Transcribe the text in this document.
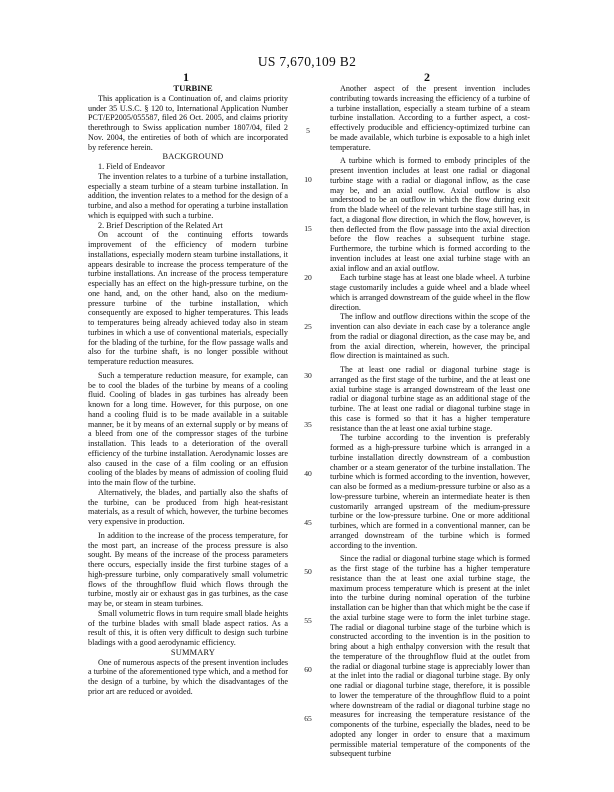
US 7,670,109 B2
1	2

TURBINE

This application is a Continuation of, and claims priority under 35 U.S.C. § 120 to, International Application Number PCT/EP2005/055587, filed 26 Oct. 2005, and claims priority therethrough to Swiss application number 1807/04, filed 2 Nov. 2004, the entireties of both of which are incorporated by reference herein.

BACKGROUND

1. Field of Endeavor

The invention relates to a turbine of a turbine installation, especially a steam turbine of a steam turbine installation. In addition, the invention relates to a method for the design of a turbine, and also a method for operating a turbine installation which is equipped with such a turbine.

2. Brief Description of the Related Art

On account of the continuing efforts towards improvement of the efficiency of modern turbine installations, especially modern steam turbine installations, it appears desirable to increase the process temperature of the turbine installations. An increase of the process temperature especially has an effect on the high-pressure turbine, on the one hand, and, on the other hand, also on the medium-pressure turbine of the turbine installation, which consequently are exposed to higher temperatures. This leads to temperatures being already achieved today also in steam turbines in which a use of conventional materials, especially for the blading of the turbine, for the flow passage walls and also for the turbine shaft, is no longer possible without temperature reduction measures.

Such a temperature reduction measure, for example, can be to cool the blades of the turbine by means of a cooling fluid. Cooling of blades in gas turbines has already been known for a long time. However, for this purpose, on one hand a cooling fluid is to be made available in a suitable manner, be it by means of an external supply or by means of a bleed from one of the compressor stages of the turbine installation. This leads to a deterioration of the overall efficiency of the turbine installation. Aerodynamic losses are also caused in the case of a film cooling or an effusion cooling of the blades by means of admission of cooling fluid into the main flow of the turbine.

Alternatively, the blades, and partially also the shafts of the turbine, can be produced from high heat-resistant materials, as a result of which, however, the turbine becomes very expensive in production.

In addition to the increase of the process temperature, for the most part, an increase of the process pressure is also sought. By means of the increase of the process parameters there occurs, especially inside the first turbine stages of a high-pressure turbine, only comparatively small volumetric flows of the throughflow fluid which flows through the turbine, mostly air or exhaust gas in gas turbines, as the case may be, or steam in steam turbines.

Small volumetric flows in turn require small blade heights of the turbine blades with small blade aspect ratios. As a result of this, it is often very difficult to design such turbine bladings with a good aerodynamic efficiency.

SUMMARY

One of numerous aspects of the present invention includes a turbine of the aforementioned type which, and a method for the design of a turbine, by which the disadvantages of the prior art are reduced or avoided.

5
10
15
20
25
30
35
40
45
50
55
60
65

Another aspect of the present invention includes contributing towards increasing the efficiency of a turbine of a turbine installation, especially a steam turbine of a steam turbine installation. According to a further aspect, a cost-effectively producible and efficiency-optimized turbine can be made available, which turbine is exposable to a high inlet temperature.

A turbine which is formed to embody principles of the present invention includes at least one radial or diagonal turbine stage with a radial or diagonal inflow, as the case may be, and an axial outflow. Axial outflow is also understood to be an outflow in which the flow during exit from the blade wheel of the relevant turbine stage still has, in fact, a diagonal flow direction, in which the flow, however, is then deflected from the flow passage into the axial direction before the flow reaches a subsequent turbine stage. Furthermore, the turbine which is formed according to the invention includes at least one axial turbine stage with an axial inflow and an axial outflow.

Each turbine stage has at least one blade wheel. A turbine stage customarily includes a guide wheel and a blade wheel which is arranged downstream of the guide wheel in the flow direction.

The inflow and outflow directions within the scope of the invention can also deviate in each case by a tolerance angle from the radial or diagonal direction, as the case may be, and from the axial direction, wherein, however, the principal flow direction is maintained as such.

The at least one radial or diagonal turbine stage is arranged as the first stage of the turbine, and the at least one axial turbine stage is arranged downstream of the least one radial or diagonal turbine stage as an additional stage of the turbine. The at least one radial or diagonal turbine stage in this case is formed so that it has a higher temperature resistance than the at least one axial turbine stage.

The turbine according to the invention is preferably formed as a high-pressure turbine which is arranged in a turbine installation directly downstream of a combustion chamber or a steam generator of the turbine installation. The turbine which is formed according to the invention, however, can also be formed as a medium-pressure turbine or also as a low-pressure turbine, wherein an intermediate heater is then customarily arranged upstream of the medium-pressure turbine or the low-pressure turbine. One or more additional turbines, which are formed in a conventional manner, can be arranged downstream of the turbine which is formed according to the invention.

Since the radial or diagonal turbine stage which is formed as the first stage of the turbine has a higher temperature resistance than the at least one axial turbine stage, the maximum process temperature which is present at the inlet into the turbine during nominal operation of the turbine installation can be higher than that which might be the case if the axial turbine stage were to form the inlet turbine stage. The radial or diagonal turbine stage of the turbine which is constructed according to the invention is in the position to bring about a high enthalpy conversion with the result that the temperature of the throughflow fluid at the outlet from the radial or diagonal turbine stage is appreciably lower than at the inlet into the radial or diagonal turbine stage. By only one radial or diagonal turbine stage, therefore, it is possible to lower the temperature of the throughflow fluid to a point where downstream of the radial or diagonal turbine stage no measures for increasing the temperature resistance of the components of the turbine, especially the blades, need to be adopted any longer in order to ensure that a maximum permissible material temperature of the components of the subsequent turbine
